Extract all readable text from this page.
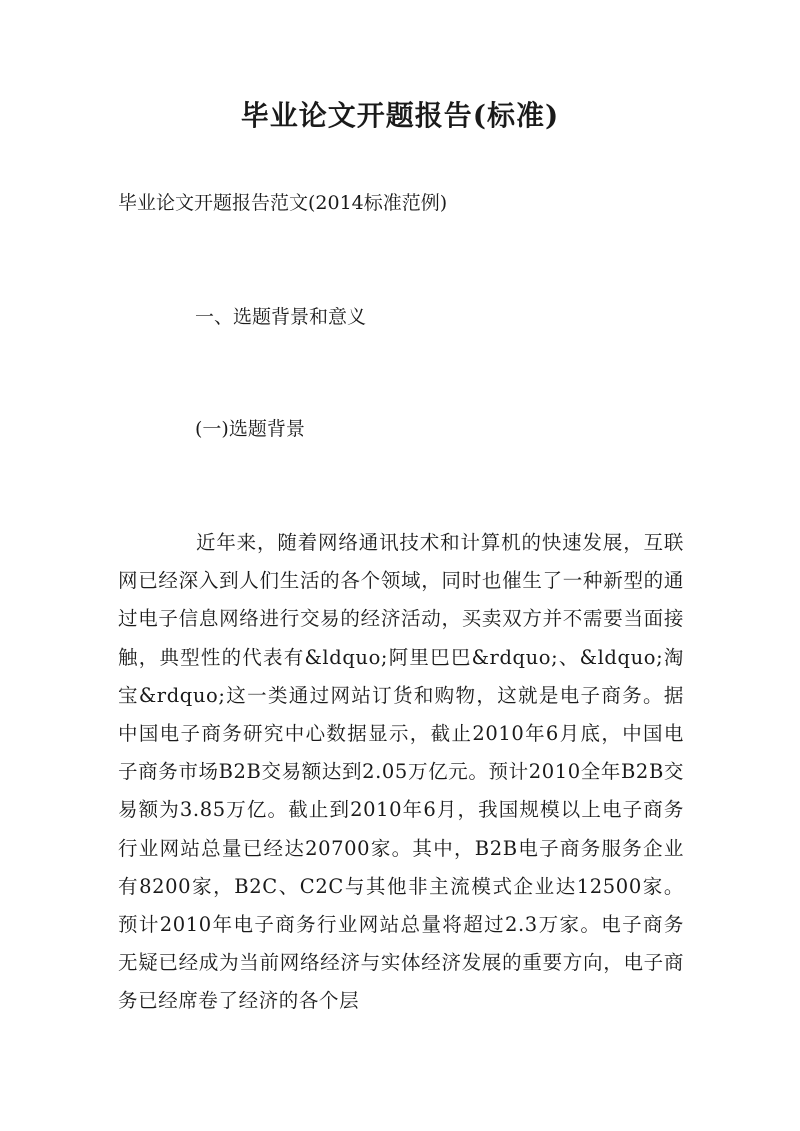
毕业论文开题报告(标准)

毕业论文开题报告范文(2014标准范例)

一、选题背景和意义

(一)选题背景

近年来，随着网络通讯技术和计算机的快速发展，互联网已经深入到人们生活的各个领域，同时也催生了一种新型的通过电子信息网络进行交易的经济活动，买卖双方并不需要当面接触，典型性的代表有&ldquo;阿里巴巴&rdquo;、&ldquo;淘宝&rdquo;这一类通过网站订货和购物，这就是电子商务。据中国电子商务研究中心数据显示，截止2010年6月底，中国电子商务市场B2B交易额达到2.05万亿元。预计2010全年B2B交易额为3.85万亿。截止到2010年6月，我国规模以上电子商务行业网站总量已经达20700家。其中，B2B电子商务服务企业有8200家，B2C、C2C与其他非主流模式企业达12500家。预计2010年电子商务行业网站总量将超过2.3万家。电子商务无疑已经成为当前网络经济与实体经济发展的重要方向，电子商务已经席卷了经济的各个层
